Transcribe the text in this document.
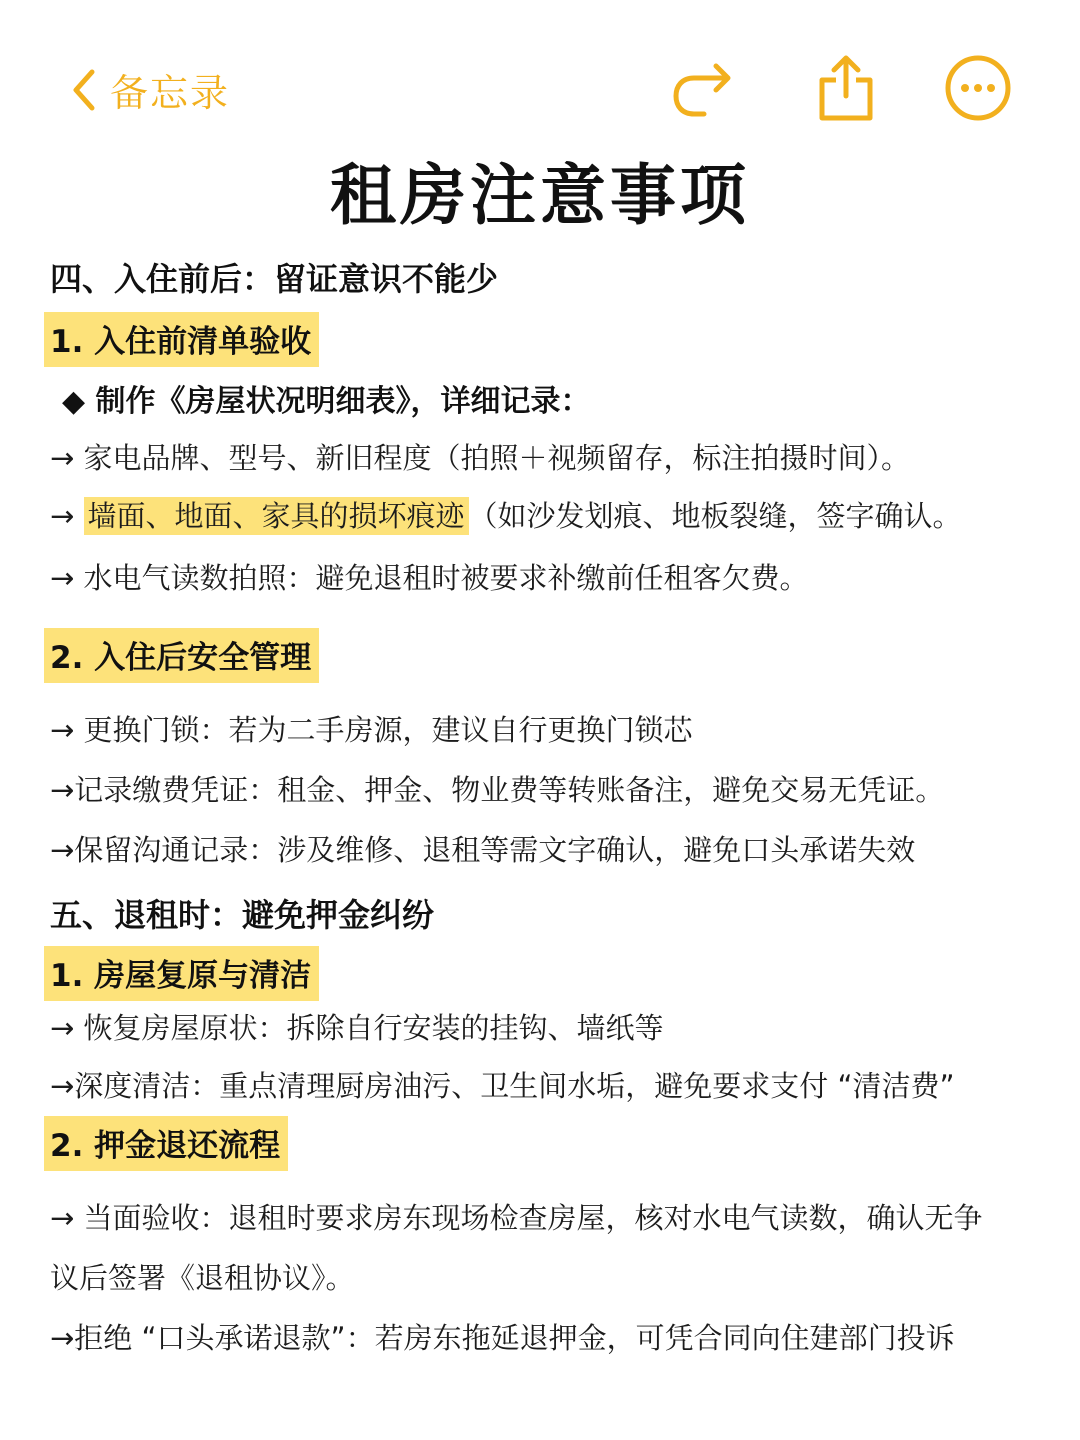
备忘录
租房注意事项
四、入住前后：留证意识不能少
1. 入住前清单验收
◆ 制作《房屋状况明细表》，详细记录：
→ 家电品牌、型号、新旧程度（拍照＋视频留存，标注拍摄时间）。
→ 墙面、地面、家具的损坏痕迹 （如沙发划痕、地板裂缝，签字确认。
→ 水电气读数拍照：避免退租时被要求补缴前任租客欠费。
2. 入住后安全管理
→ 更换门锁：若为二手房源，建议自行更换门锁芯
→记录缴费凭证：租金、押金、物业费等转账备注，避免交易无凭证。
→保留沟通记录：涉及维修、退租等需文字确认，避免口头承诺失效
五、退租时：避免押金纠纷
1. 房屋复原与清洁
→ 恢复房屋原状：拆除自行安装的挂钩、墙纸等
→深度清洁：重点清理厨房油污、卫生间水垢，避免要求支付 “清洁费”
2. 押金退还流程
→ 当面验收：退租时要求房东现场检查房屋，核对水电气读数，确认无争
议后签署《退租协议》。
→拒绝 “口头承诺退款”：若房东拖延退押金，可凭合同向住建部门投诉
